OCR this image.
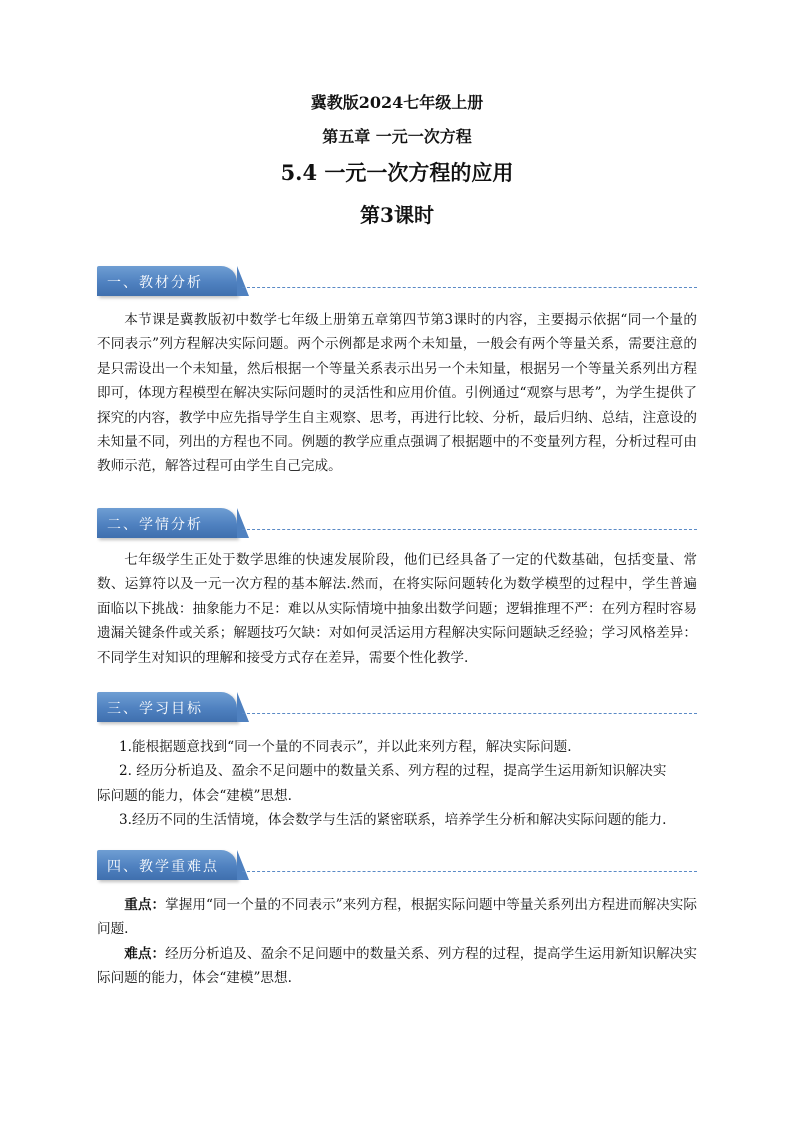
冀教版2024七年级上册
第五章 一元一次方程
5.4 一元一次方程的应用
第3课时
一、教材分析

本节课是冀教版初中数学七年级上册第五章第四节第3课时的内容，主要揭示依据“同一个量的不同表示”列方程解决实际问题。两个示例都是求两个未知量，一般会有两个等量关系，需要注意的是只需设出一个未知量，然后根据一个等量关系表示出另一个未知量，根据另一个等量关系列出方程即可，体现方程模型在解决实际问题时的灵活性和应用价值。引例通过“观察与思考”，为学生提供了探究的内容，教学中应先指导学生自主观察、思考，再进行比较、分析，最后归纳、总结，注意设的未知量不同，列出的方程也不同。例题的教学应重点强调了根据题中的不变量列方程，分析过程可由教师示范，解答过程可由学生自己完成。

二、学情分析

七年级学生正处于数学思维的快速发展阶段，他们已经具备了一定的代数基础，包括变量、常数、运算符以及一元一次方程的基本解法.然而，在将实际问题转化为数学模型的过程中，学生普遍面临以下挑战：抽象能力不足：难以从实际情境中抽象出数学问题；逻辑推理不严：在列方程时容易遗漏关键条件或关系；解题技巧欠缺：对如何灵活运用方程解决实际问题缺乏经验；学习风格差异：不同学生对知识的理解和接受方式存在差异，需要个性化教学.

三、学习目标

1.能根据题意找到“同一个量的不同表示”，并以此来列方程，解决实际问题.

2. 经历分析追及、盈余不足问题中的数量关系、列方程的过程，提高学生运用新知识解决实

际问题的能力，体会“建模”思想.

3.经历不同的生活情境，体会数学与生活的紧密联系，培养学生分析和解决实际问题的能力.

四、教学重难点

重点：掌握用“同一个量的不同表示”来列方程，根据实际问题中等量关系列出方程进而解决实际问题.

难点：经历分析追及、盈余不足问题中的数量关系、列方程的过程，提高学生运用新知识解决实际问题的能力，体会“建模”思想.
